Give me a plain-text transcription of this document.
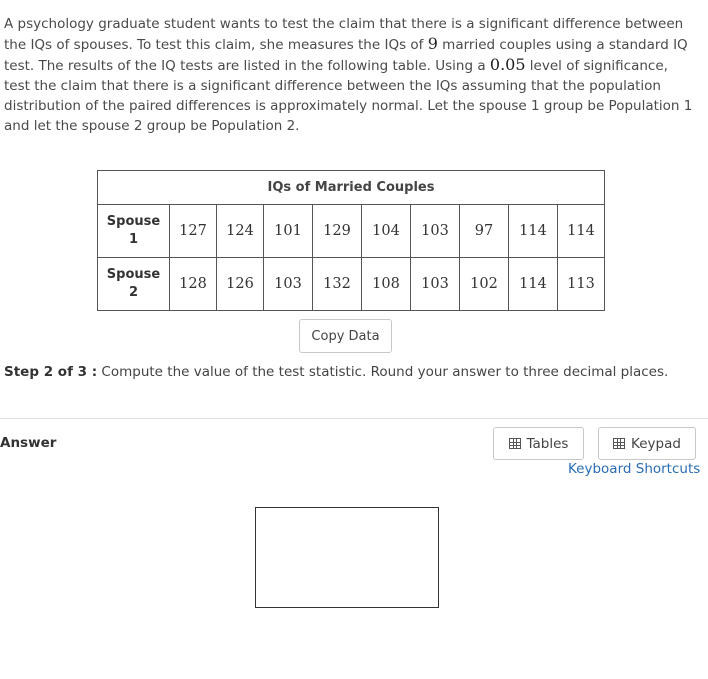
A psychology graduate student wants to test the claim that there is a significant difference between the IQs of spouses. To test this claim, she measures the IQs of 9 married couples using a standard IQ test. The results of the IQ tests are listed in the following table. Using a 0.05 level of significance, test the claim that there is a significant difference between the IQs assuming that the population distribution of the paired differences is approximately normal. Let the spouse 1 group be Population 1 and let the spouse 2 group be Population 2.
IQs of Married Couples									
Spouse
1	127	124	101	129	104	103	97	114	114
Spouse
2	128	126	103	132	108	103	102	114	113
Copy Data
Step 2 of 3 : Compute the value of the test statistic. Round your answer to three decimal places.
Answer	Tables	Keypad
Keyboard Shortcuts
